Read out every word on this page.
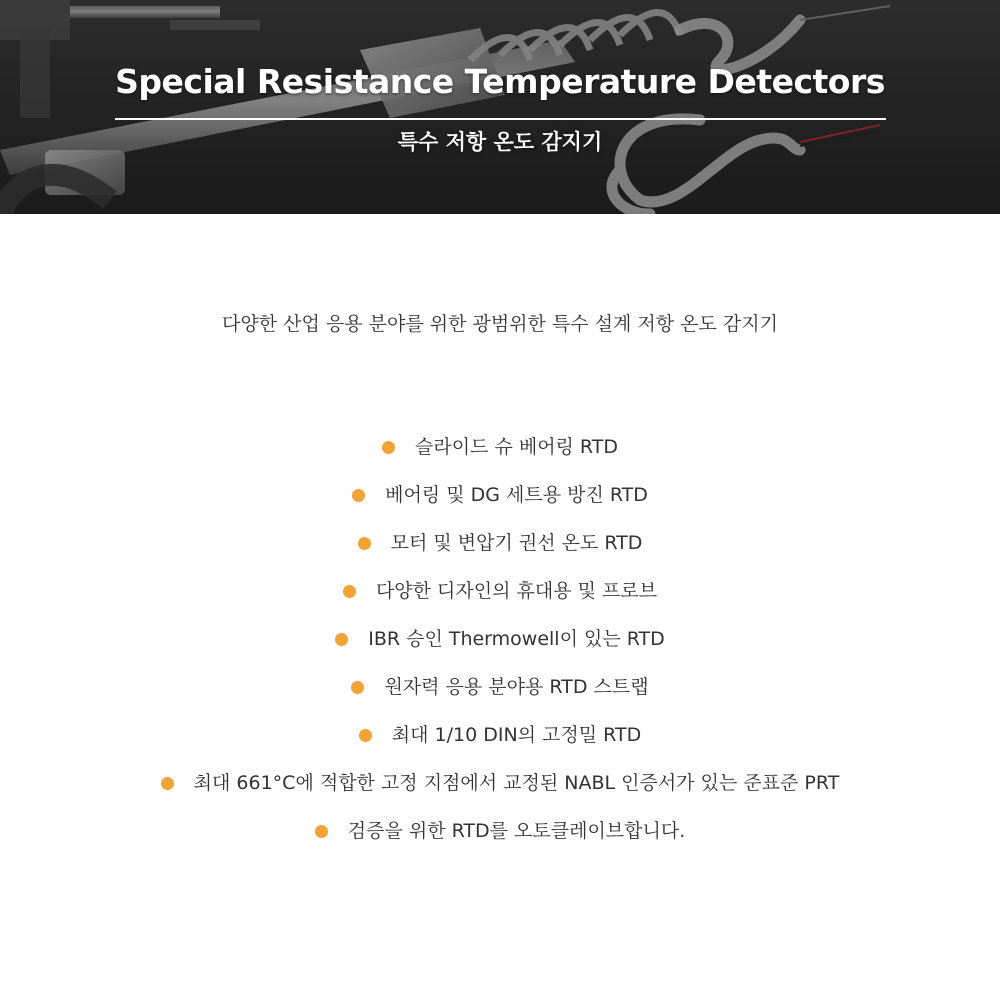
Special Resistance Temperature Detectors
특수 저항 온도 감지기
다양한 산업 응용 분야를 위한 광범위한 특수 설계 저항 온도 감지기
슬라이드 슈 베어링 RTD
베어링 및 DG 세트용 방진 RTD
모터 및 변압기 권선 온도 RTD
다양한 디자인의 휴대용 및 프로브
IBR 승인 Thermowell이 있는 RTD
원자력 응용 분야용 RTD 스트랩
최대 1/10 DIN의 고정밀 RTD
최대 661°C에 적합한 고정 지점에서 교정된 NABL 인증서가 있는 준표준 PRT
검증을 위한 RTD를 오토클레이브합니다.
